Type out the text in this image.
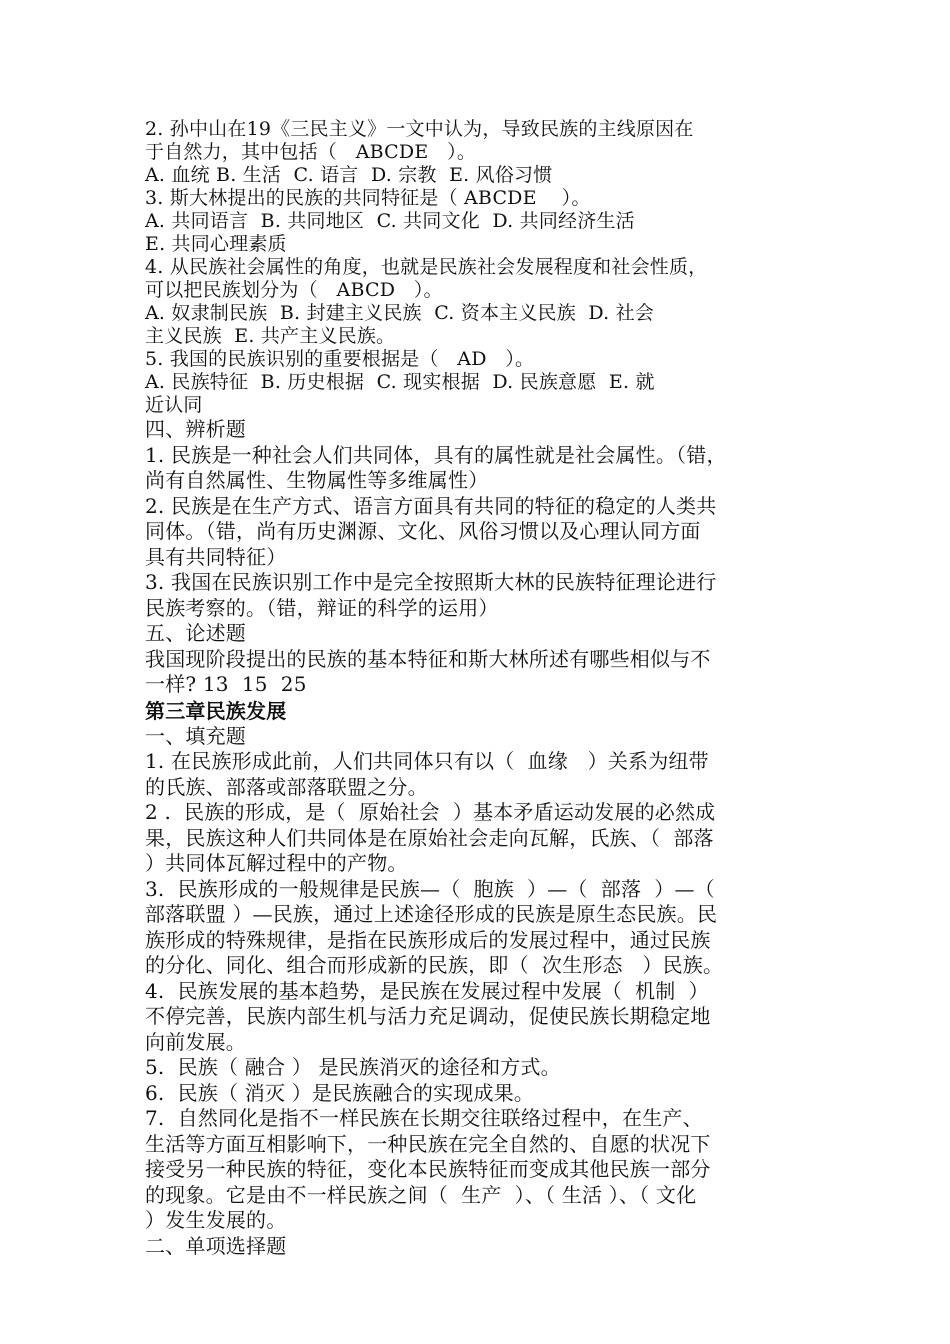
2. 孙中山在19《三民主义》一文中认为，导致民族的主线原因在
于自然力，其中包括（   ABCDE   ）。
A. 血统 B. 生活  C. 语言  D. 宗教  E. 风俗习惯
3. 斯大林提出的民族的共同特征是（ ABCDE    ）。
A. 共同语言  B. 共同地区  C. 共同文化  D. 共同经济生活
E. 共同心理素质
4. 从民族社会属性的角度，也就是民族社会发展程度和社会性质，
可以把民族划分为（   ABCD   ）。
A. 奴隶制民族  B. 封建主义民族  C. 资本主义民族  D. 社会
主义民族  E. 共产主义民族。
5. 我国的民族识别的重要根据是（   AD   ）。
A. 民族特征  B. 历史根据  C. 现实根据  D. 民族意愿  E. 就
近认同
四、辨析题
1. 民族是一种社会人们共同体，具有的属性就是社会属性。（错，
尚有自然属性、生物属性等多维属性）
2. 民族是在生产方式、语言方面具有共同的特征的稳定的人类共
同体。（错，尚有历史渊源、文化、风俗习惯以及心理认同方面
具有共同特征）
3. 我国在民族识别工作中是完全按照斯大林的民族特征理论进行
民族考察的。（错，辩证的科学的运用）
五、论述题
我国现阶段提出的民族的基本特征和斯大林所述有哪些相似与不
一样? 13  15  25
第三章民族发展
一、填充题
1. 在民族形成此前，人们共同体只有以（  血缘   ）关系为纽带
的氏族、部落或部落联盟之分。
2 .  民族的形成，是（  原始社会  ）基本矛盾运动发展的必然成
果，民族这种人们共同体是在原始社会走向瓦解，氏族、（  部落
）共同体瓦解过程中的产物。
3.  民族形成的一般规律是民族—（  胞族  ）—（  部落  ）—（
部落联盟 ）—民族，通过上述途径形成的民族是原生态民族。民
族形成的特殊规律，是指在民族形成后的发展过程中，通过民族
的分化、同化、组合而形成新的民族，即（  次生形态   ）民族。
4.  民族发展的基本趋势，是民族在发展过程中发展（  机制  ）
不停完善，民族内部生机与活力充足调动，促使民族长期稳定地
向前发展。
5.  民族（ 融合 ） 是民族消灭的途径和方式。
6.  民族（ 消灭 ）是民族融合的实现成果。
7.  自然同化是指不一样民族在长期交往联络过程中，在生产、
生活等方面互相影响下，一种民族在完全自然的、自愿的状况下
接受另一种民族的特征，变化本民族特征而变成其他民族一部分
的现象。它是由不一样民族之间（  生产  ）、（ 生活 ）、（ 文化
）发生发展的。
二、单项选择题
